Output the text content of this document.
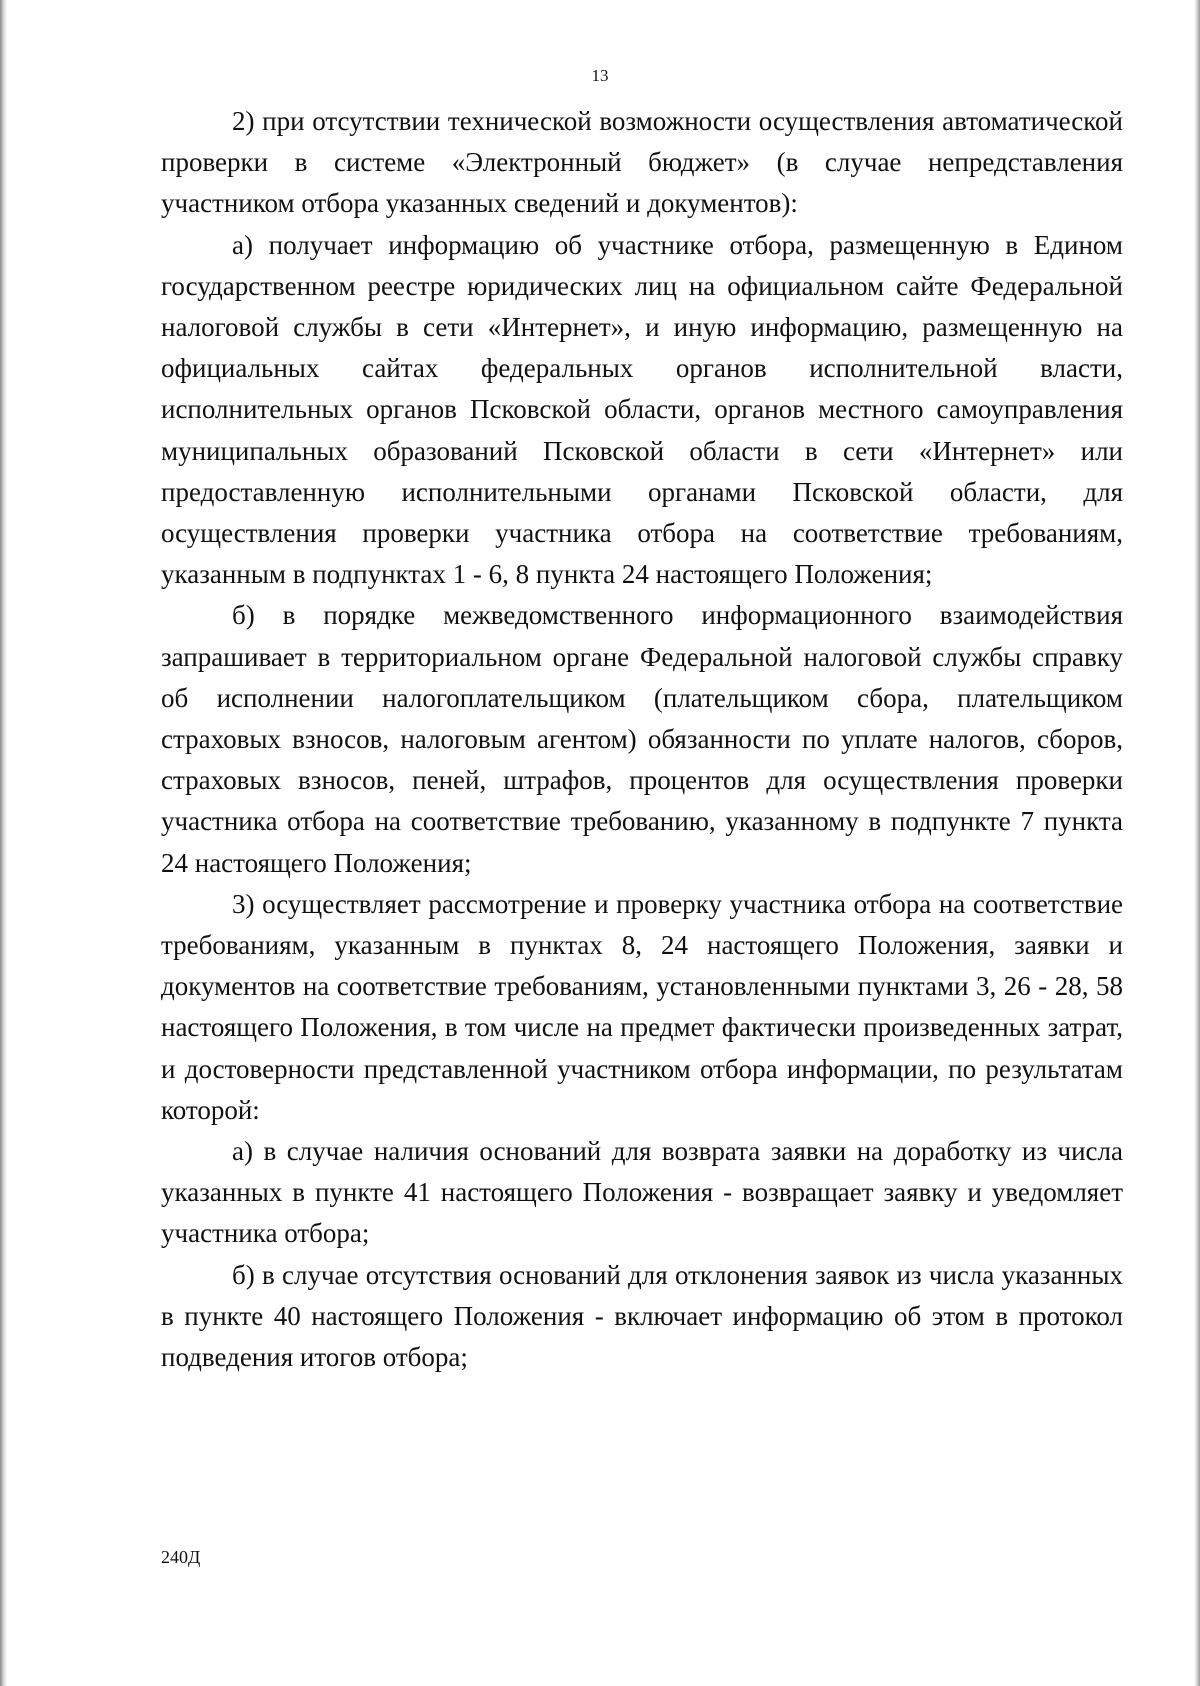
13

2) при отсутствии технической возможности осуществления автоматической проверки в системе «Электронный бюджет» (в случае непредставления участником отбора указанных сведений и документов):

а) получает информацию об участнике отбора, размещенную в Едином государственном реестре юридических лиц на официальном сайте Федеральной налоговой службы в сети «Интернет», и иную информацию, размещенную на официальных сайтах федеральных органов исполнительной власти, исполнительных органов Псковской области, органов местного самоуправления муниципальных образований Псковской области в сети «Интернет» или предоставленную исполнительными органами Псковской области, для осуществления проверки участника отбора на соответствие требованиям, указанным в подпунктах 1 - 6, 8 пункта 24 настоящего Положения;

б) в порядке межведомственного информационного взаимодействия запрашивает в территориальном органе Федеральной налоговой службы справку об исполнении налогоплательщиком (плательщиком сбора, плательщиком страховых взносов, налоговым агентом) обязанности по уплате налогов, сборов, страховых взносов, пеней, штрафов, процентов для осуществления проверки участника отбора на соответствие требованию, указанному в подпункте 7 пункта 24 настоящего Положения;

3) осуществляет рассмотрение и проверку участника отбора на соответствие требованиям, указанным в пунктах 8, 24 настоящего Положения, заявки и документов на соответствие требованиям, установленными пунктами 3, 26 - 28, 58 настоящего Положения, в том числе на предмет фактически произведенных затрат, и достоверности представленной участником отбора информации, по результатам которой:

а) в случае наличия оснований для возврата заявки на доработку из числа указанных в пункте 41 настоящего Положения - возвращает заявку и уведомляет участника отбора;

б) в случае отсутствия оснований для отклонения заявок из числа указанных в пункте 40 настоящего Положения - включает информацию об этом в протокол подведения итогов отбора;

240Д
